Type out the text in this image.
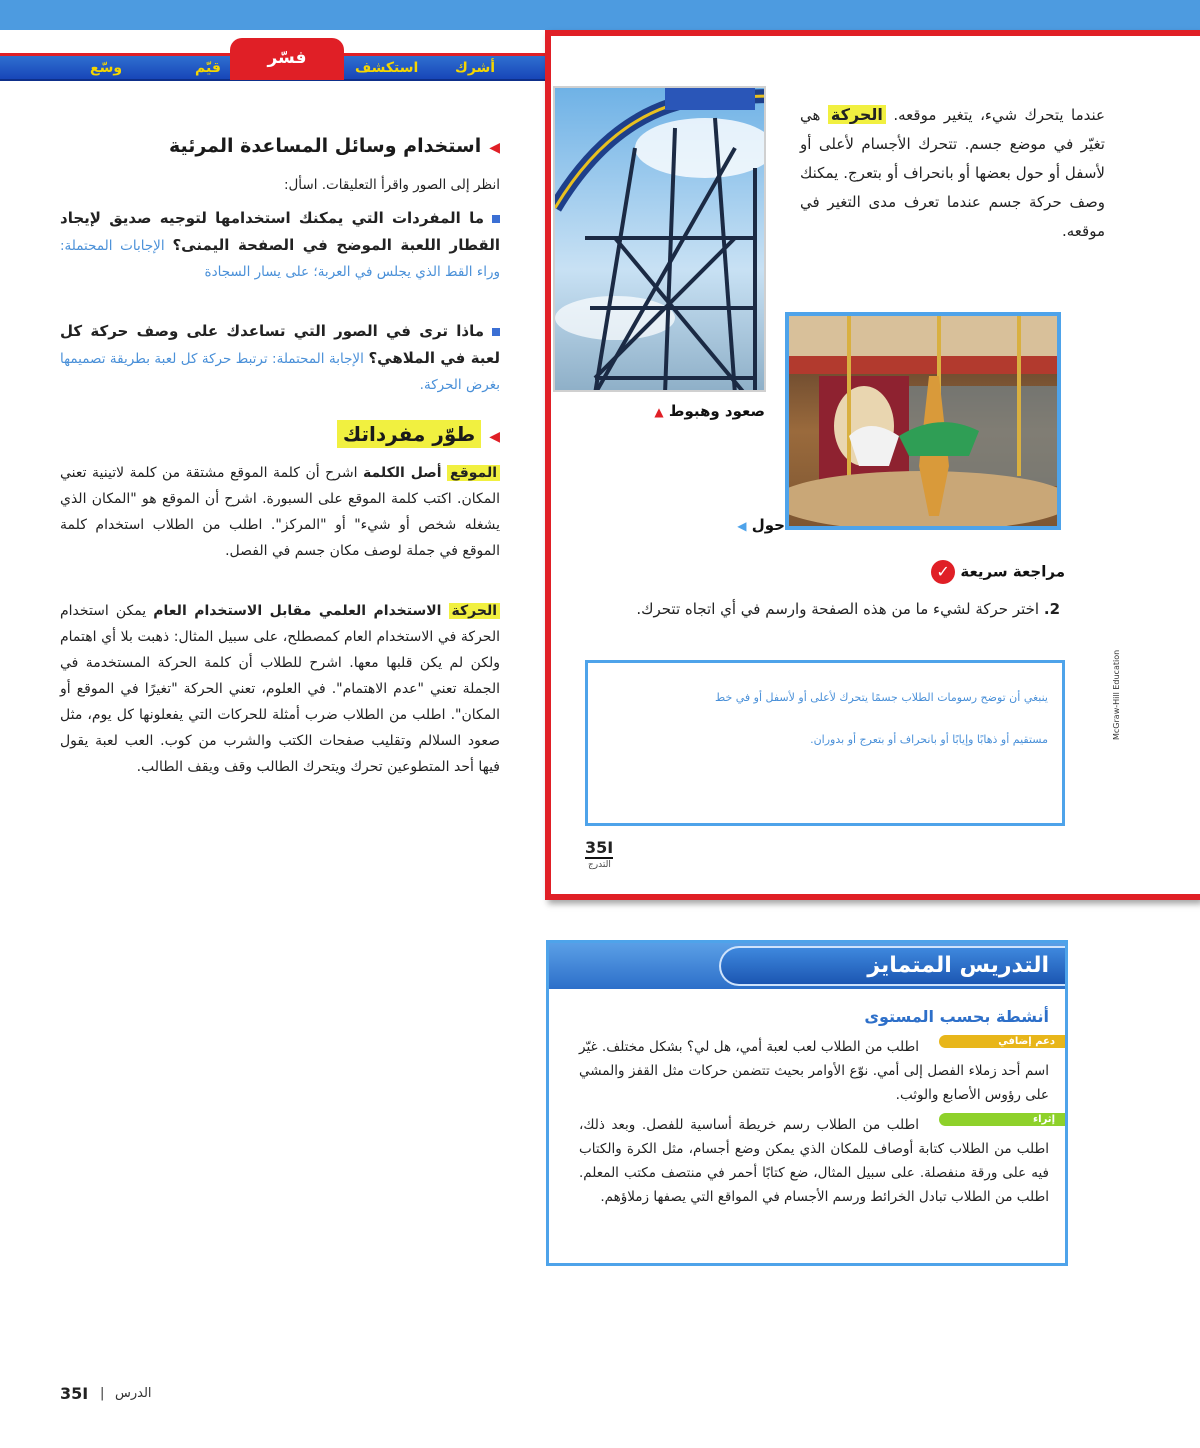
أشرك
استكشف
قيّم
وسّع	فسّر
◀استخدام وسائل المساعدة المرئية
انظر إلى الصور واقرأ التعليقات. اسأل:
ما المفردات التي يمكنك استخدامها لتوجيه صديق لإيجاد القطار اللعبة الموضح في الصفحة اليمنى؟ الإجابات المحتملة: وراء القط الذي يجلس في العربة؛ على يسار السجادة
ماذا ترى في الصور التي تساعدك على وصف حركة كل لعبة في الملاهي؟ الإجابة المحتملة: ترتبط حركة كل لعبة بطريقة تصميمها بغرض الحركة.
◀طوّر مفرداتك
الموقع أصل الكلمة اشرح أن كلمة الموقع مشتقة من كلمة لاتينية تعني المكان. اكتب كلمة الموقع على السبورة. اشرح أن الموقع هو "المكان الذي يشغله شخص أو شيء" أو "المركز". اطلب من الطلاب استخدام كلمة الموقع في جملة لوصف مكان جسم في الفصل.
الحركة الاستخدام العلمي مقابل الاستخدام العام يمكن استخدام الحركة في الاستخدام العام كمصطلح، على سبيل المثال: ذهبت بلا أي اهتمام ولكن لم يكن قلبها معها. اشرح للطلاب أن كلمة الحركة المستخدمة في الجملة تعني "عدم الاهتمام". في العلوم، تعني الحركة "تغيرًا في الموقع أو المكان". اطلب من الطلاب ضرب أمثلة للحركات التي يفعلونها كل يوم، مثل صعود السلالم وتقليب صفحات الكتب والشرب من كوب. العب لعبة يقول فيها أحد المتطوعين تحرك ويتحرك الطالب وقف ويقف الطالب.
عندما يتحرك شيء، يتغير موقعه. الحركة هي تغيّر في موضع جسم. تتحرك الأجسام لأعلى أو لأسفل أو حول بعضها أو بانحراف أو بتعرج. يمكنك وصف حركة جسم عندما تعرف مدى التغير في موقعه.
صعود وهبوط ▲
حول ◀
مراجعة سريعة ✓
2. اختر حركة لشيء ما من هذه الصفحة وارسم في أي اتجاه تتحرك.
ينبغي أن توضح رسومات الطلاب جسمًا يتحرك لأعلى أو لأسفل أو في خط
مستقيم أو ذهابًا وإيابًا أو بانحراف أو بتعرج أو بدوران.
35I
التدرج
McGraw-Hill Education
التدريس المتمايز
أنشطة بحسب المستوى
دعم إضافي
اطلب من الطلاب لعب لعبة أمي، هل لي؟ بشكل مختلف. غيّر اسم أحد زملاء الفصل إلى أمي. نوّع الأوامر بحيث تتضمن حركات مثل القفز والمشي على رؤوس الأصابع والوثب.
إثراء
اطلب من الطلاب رسم خريطة أساسية للفصل. وبعد ذلك، اطلب من الطلاب كتابة أوصاف للمكان الذي يمكن وضع أجسام، مثل الكرة والكتاب فيه على ورقة منفصلة. على سبيل المثال، ضع كتابًا أحمر في منتصف مكتب المعلم. اطلب من الطلاب تبادل الخرائط ورسم الأجسام في المواقع التي يصفها زملاؤهم.
35I | الدرس
